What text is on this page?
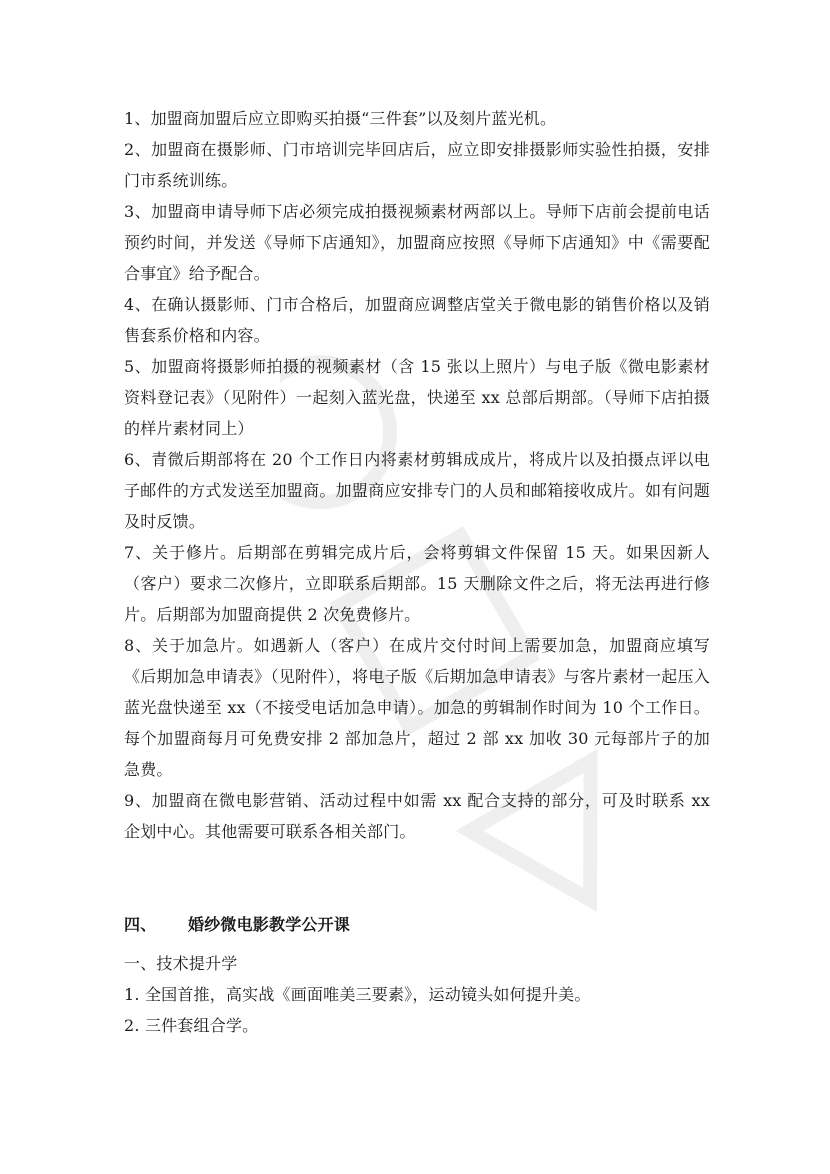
1、加盟商加盟后应立即购买拍摄“三件套”以及刻片蓝光机。

2、加盟商在摄影师、门市培训完毕回店后，应立即安排摄影师实验性拍摄，安排门市系统训练。

3、加盟商申请导师下店必须完成拍摄视频素材两部以上。导师下店前会提前电话预约时间，并发送《导师下店通知》，加盟商应按照《导师下店通知》中《需要配合事宜》给予配合。

4、在确认摄影师、门市合格后，加盟商应调整店堂关于微电影的销售价格以及销售套系价格和内容。

5、加盟商将摄影师拍摄的视频素材（含 15 张以上照片）与电子版《微电影素材资料登记表》（见附件）一起刻入蓝光盘，快递至 xx 总部后期部。（导师下店拍摄的样片素材同上）

6、青微后期部将在 20 个工作日内将素材剪辑成成片，将成片以及拍摄点评以电子邮件的方式发送至加盟商。加盟商应安排专门的人员和邮箱接收成片。如有问题及时反馈。

7、关于修片。后期部在剪辑完成片后，会将剪辑文件保留 15 天。如果因新人（客户）要求二次修片，立即联系后期部。15 天删除文件之后，将无法再进行修片。后期部为加盟商提供 2 次免费修片。

8、关于加急片。如遇新人（客户）在成片交付时间上需要加急，加盟商应填写《后期加急申请表》（见附件），将电子版《后期加急申请表》与客片素材一起压入蓝光盘快递至 xx（不接受电话加急申请）。加急的剪辑制作时间为 10 个工作日。每个加盟商每月可免费安排 2 部加急片，超过 2 部 xx 加收 30 元每部片子的加急费。

9、加盟商在微电影营销、活动过程中如需 xx 配合支持的部分，可及时联系 xx 企划中心。其他需要可联系各相关部门。

四、	婚纱微电影教学公开课

一、技术提升学

1. 全国首推，高实战《画面唯美三要素》，运动镜头如何提升美。

2. 三件套组合学。
